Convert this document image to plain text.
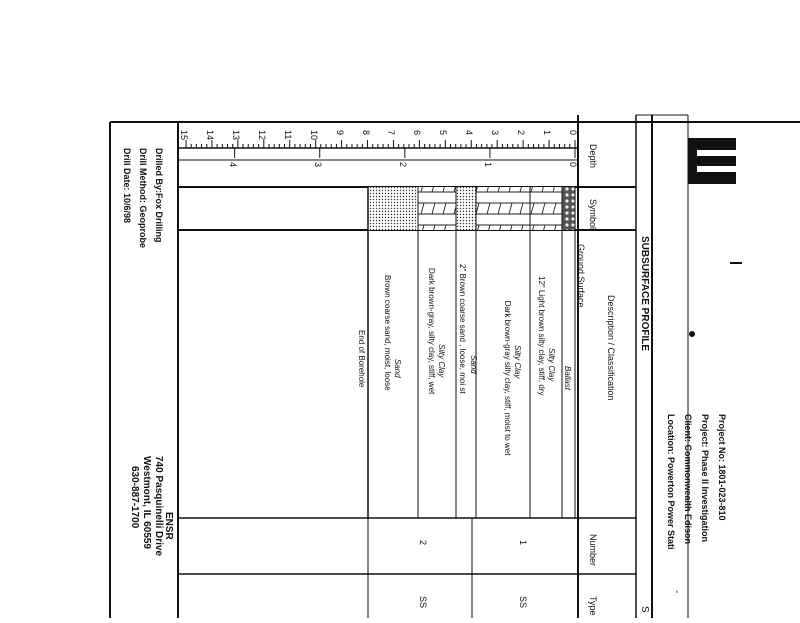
Project No: 1801-023-810
Project: Phase II Investigation
Client: Commonwealth Edison
Location: Powerton Power Stati
SUBSURFACE PROFILE
S
-
Depth
Symbol
Description / Classification
Number
Type
0
1
2
3
4
5
6
7
8
9
10
11
12
13
14
15
0
1
2
3
4
Ground Surface
Ballast
Silty Clay
12" Light brown silty clay, stiff, dry
Silty Clay
Dark brown-gray silty clay, stiff, moist to wet
Sand
2" Brown coarse sand , loose, moi st
Silty Clay
Dark brown-gray, silty clay, stiff, wet
Sand
Brown coarse sand, moist, loose
End of Borehole
1
SS
2
SS
Drilled By:Fox Drilling
Drill Method: Geoprobe
Drill Date: 10/6/98
ENSR
740 Pasquinelli Drive
Westmont, IL 60559
630-887-1700
